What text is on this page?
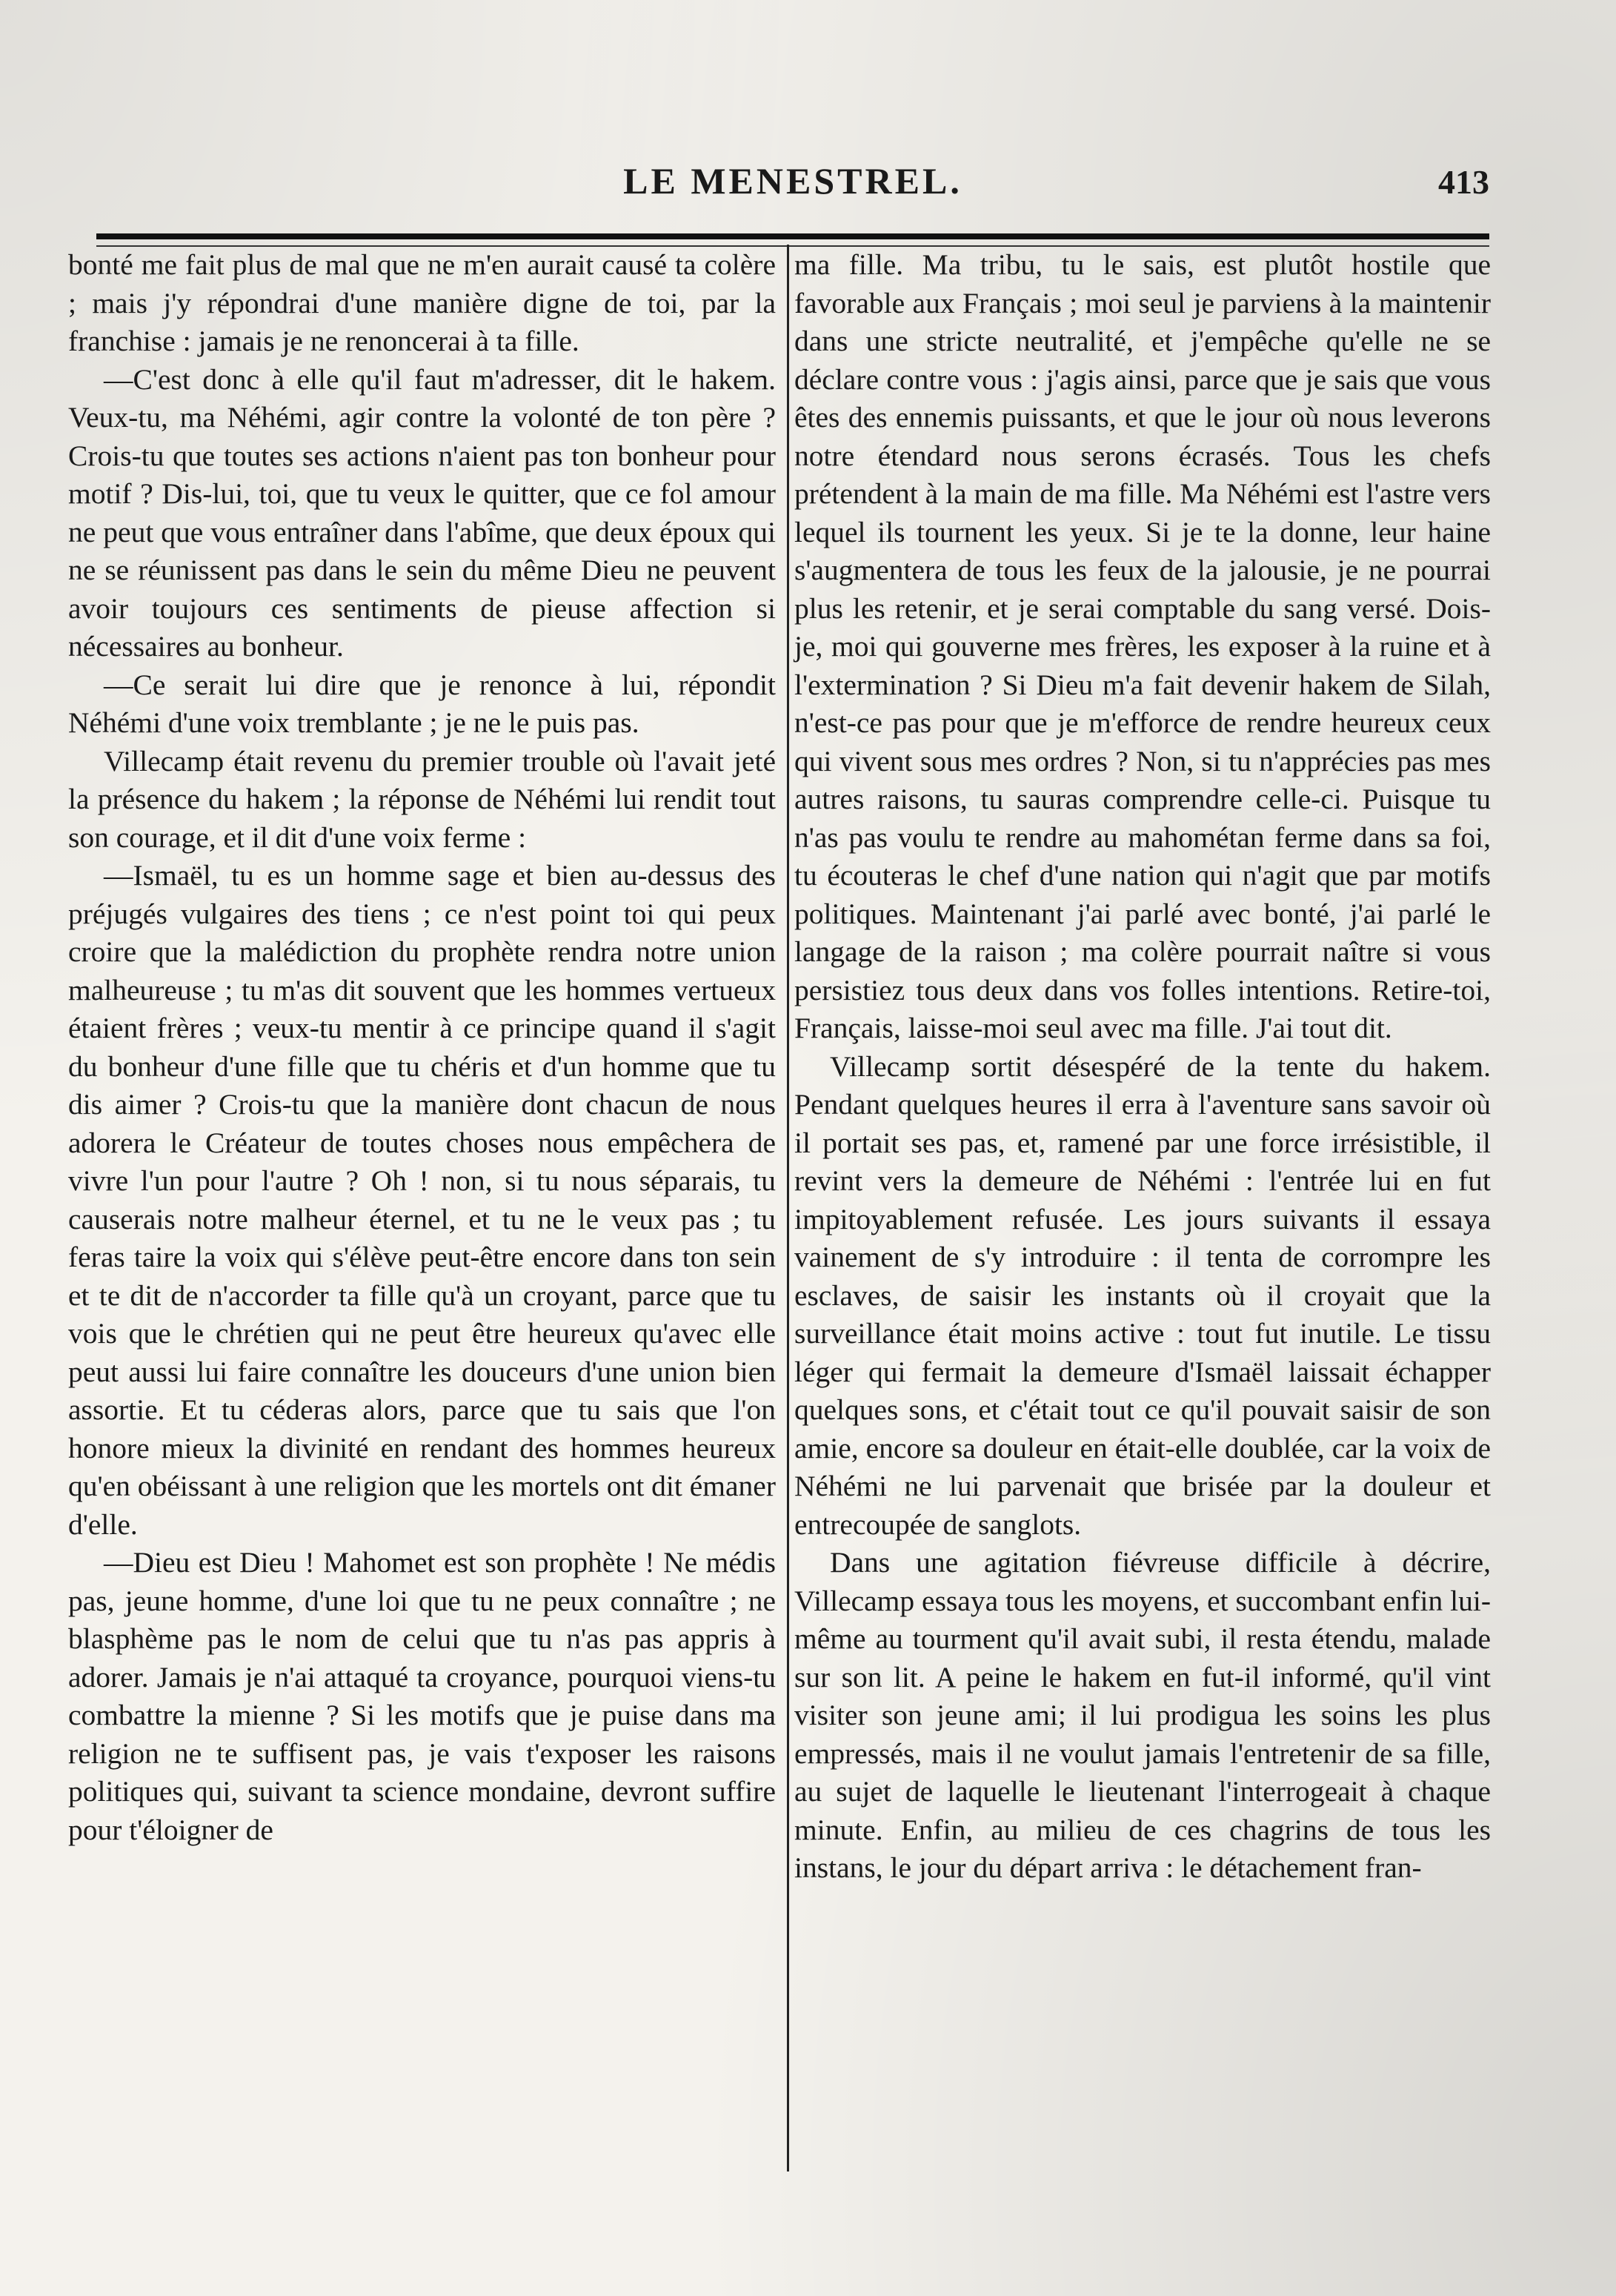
LE MENESTREL.	413

bonté me fait plus de mal que ne m'en aurait causé ta colère ; mais j'y répondrai d'une manière digne de toi, par la franchise : jamais je ne renoncerai à ta fille.

—C'est donc à elle qu'il faut m'adresser, dit le hakem. Veux-tu, ma Néhémi, agir contre la volonté de ton père ? Crois-tu que toutes ses actions n'aient pas ton bonheur pour motif ? Dis-lui, toi, que tu veux le quitter, que ce fol amour ne peut que vous entraîner dans l'abîme, que deux époux qui ne se réunissent pas dans le sein du même Dieu ne peuvent avoir toujours ces sentiments de pieuse affection si nécessaires au bonheur.

—Ce serait lui dire que je renonce à lui, répondit Néhémi d'une voix tremblante ; je ne le puis pas.

Villecamp était revenu du premier trouble où l'avait jeté la présence du hakem ; la réponse de Néhémi lui rendit tout son courage, et il dit d'une voix ferme :

—Ismaël, tu es un homme sage et bien au-dessus des préjugés vulgaires des tiens ; ce n'est point toi qui peux croire que la malédiction du prophète rendra notre union malheureuse ; tu m'as dit souvent que les hommes vertueux étaient frères ; veux-tu mentir à ce principe quand il s'agit du bonheur d'une fille que tu chéris et d'un homme que tu dis aimer ? Crois-tu que la manière dont chacun de nous adorera le Créateur de toutes choses nous empêchera de vivre l'un pour l'autre ? Oh ! non, si tu nous séparais, tu causerais notre malheur éternel, et tu ne le veux pas ; tu feras taire la voix qui s'élève peut-être encore dans ton sein et te dit de n'accorder ta fille qu'à un croyant, parce que tu vois que le chrétien qui ne peut être heureux qu'avec elle peut aussi lui faire connaître les douceurs d'une union bien assortie. Et tu céderas alors, parce que tu sais que l'on honore mieux la divinité en rendant des hommes heureux qu'en obéissant à une religion que les mortels ont dit émaner d'elle.

—Dieu est Dieu ! Mahomet est son prophète ! Ne médis pas, jeune homme, d'une loi que tu ne peux connaître ; ne blasphème pas le nom de celui que tu n'as pas appris à adorer. Jamais je n'ai attaqué ta croyance, pourquoi viens-tu combattre la mienne ? Si les motifs que je puise dans ma religion ne te suffisent pas, je vais t'exposer les raisons politiques qui, suivant ta science mondaine, devront suffire pour t'éloigner de

ma fille. Ma tribu, tu le sais, est plutôt hostile que favorable aux Français ; moi seul je parviens à la maintenir dans une stricte neutralité, et j'empêche qu'elle ne se déclare contre vous : j'agis ainsi, parce que je sais que vous êtes des ennemis puissants, et que le jour où nous leverons notre étendard nous serons écrasés. Tous les chefs prétendent à la main de ma fille. Ma Néhémi est l'astre vers lequel ils tournent les yeux. Si je te la donne, leur haine s'augmentera de tous les feux de la jalousie, je ne pourrai plus les retenir, et je serai comptable du sang versé. Dois-je, moi qui gouverne mes frères, les exposer à la ruine et à l'extermination ? Si Dieu m'a fait devenir hakem de Silah, n'est-ce pas pour que je m'efforce de rendre heureux ceux qui vivent sous mes ordres ? Non, si tu n'apprécies pas mes autres raisons, tu sauras comprendre celle-ci. Puisque tu n'as pas voulu te rendre au mahométan ferme dans sa foi, tu écouteras le chef d'une nation qui n'agit que par motifs politiques. Maintenant j'ai parlé avec bonté, j'ai parlé le langage de la raison ; ma colère pourrait naître si vous persistiez tous deux dans vos folles intentions. Retire-toi, Français, laisse-moi seul avec ma fille. J'ai tout dit.

Villecamp sortit désespéré de la tente du hakem. Pendant quelques heures il erra à l'aventure sans savoir où il portait ses pas, et, ramené par une force irrésistible, il revint vers la demeure de Néhémi : l'entrée lui en fut impitoyablement refusée. Les jours suivants il essaya vainement de s'y introduire : il tenta de corrompre les esclaves, de saisir les instants où il croyait que la surveillance était moins active : tout fut inutile. Le tissu léger qui fermait la demeure d'Ismaël laissait échapper quelques sons, et c'était tout ce qu'il pouvait saisir de son amie, encore sa douleur en était-elle doublée, car la voix de Néhémi ne lui parvenait que brisée par la douleur et entrecoupée de sanglots.

Dans une agitation fiévreuse difficile à décrire, Villecamp essaya tous les moyens, et succombant enfin lui-même au tourment qu'il avait subi, il resta étendu, malade sur son lit. A peine le hakem en fut-il informé, qu'il vint visiter son jeune ami; il lui prodigua les soins les plus empressés, mais il ne voulut jamais l'entretenir de sa fille, au sujet de laquelle le lieutenant l'interrogeait à chaque minute. Enfin, au milieu de ces chagrins de tous les instans, le jour du départ arriva : le détachement fran-
